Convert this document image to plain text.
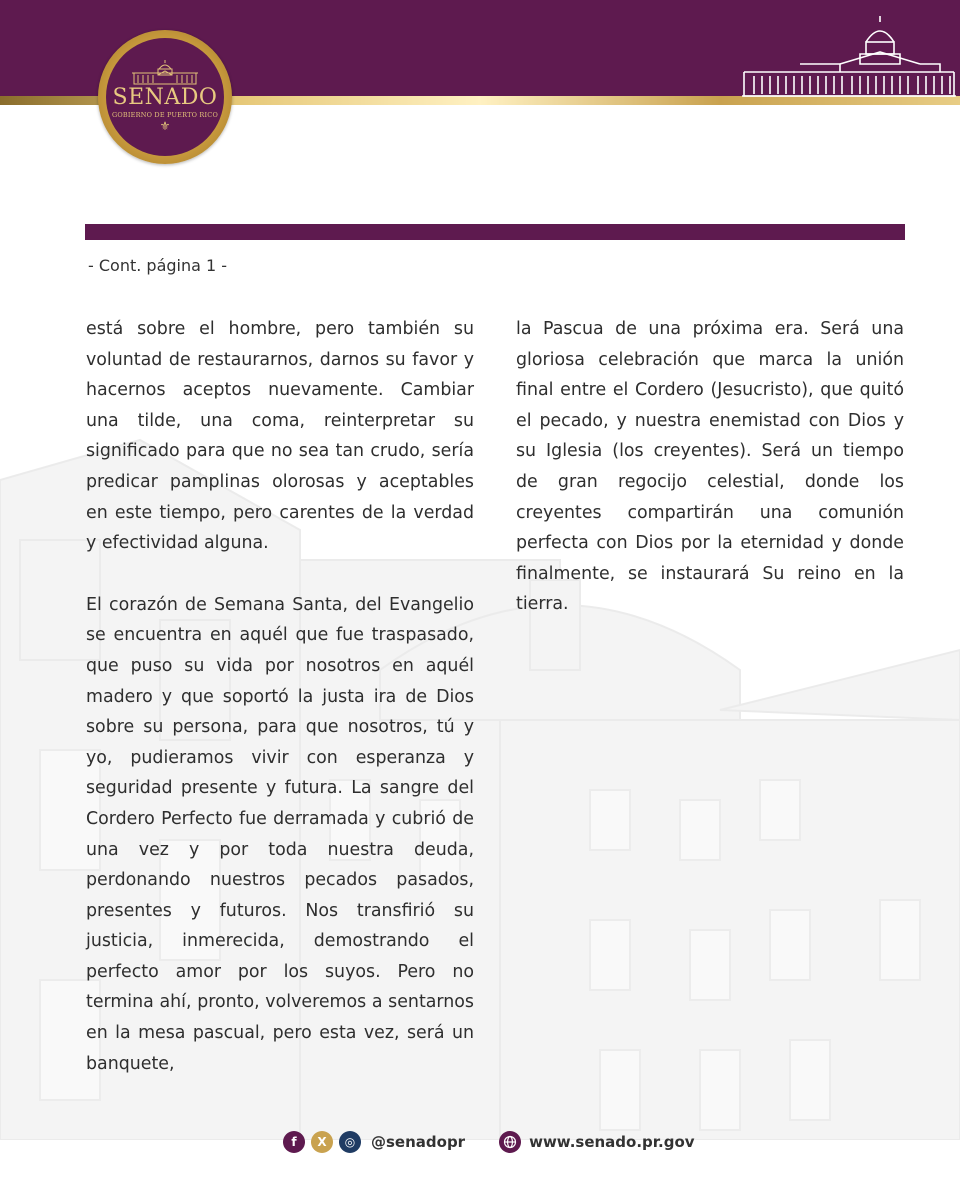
SENADO
GOBIERNO DE PUERTO RICO
⚜
- Cont. página 1 -

está sobre el hombre, pero también su voluntad de restaurarnos, darnos su favor y hacernos aceptos nuevamente. Cambiar una tilde, una coma, reinterpretar su significado para que no sea tan crudo, sería predicar pamplinas olorosas y aceptables en este tiempo, pero carentes de la verdad y efectividad alguna.

El corazón de Semana Santa, del Evangelio se encuentra en aquél que fue traspasado, que puso su vida por nosotros en aquél madero y que soportó la justa ira de Dios sobre su persona, para que nosotros, tú y yo, pudieramos vivir con esperanza y seguridad presente y futura. La sangre del Cordero Perfecto fue derramada y cubrió de una vez y por toda nuestra deuda, perdonando nuestros pecados pasados, presentes y futuros. Nos transfirió su justicia, inmerecida, demostrando el perfecto amor por los suyos. Pero no termina ahí, pronto, volveremos a sentarnos en la mesa pascual, pero esta vez, será un banquete,

la Pascua de una próxima era. Será una gloriosa celebración que marca la unión final entre el Cordero (Jesucristo), que quitó el pecado, y nuestra enemistad con Dios y su Iglesia (los creyentes). Será un tiempo de gran regocijo celestial, donde los creyentes compartirán una comunión perfecta con Dios por la eternidad y donde finalmente, se instaurará Su reino en la tierra.

f	X	◎	@senadopr	www.senado.pr.gov
